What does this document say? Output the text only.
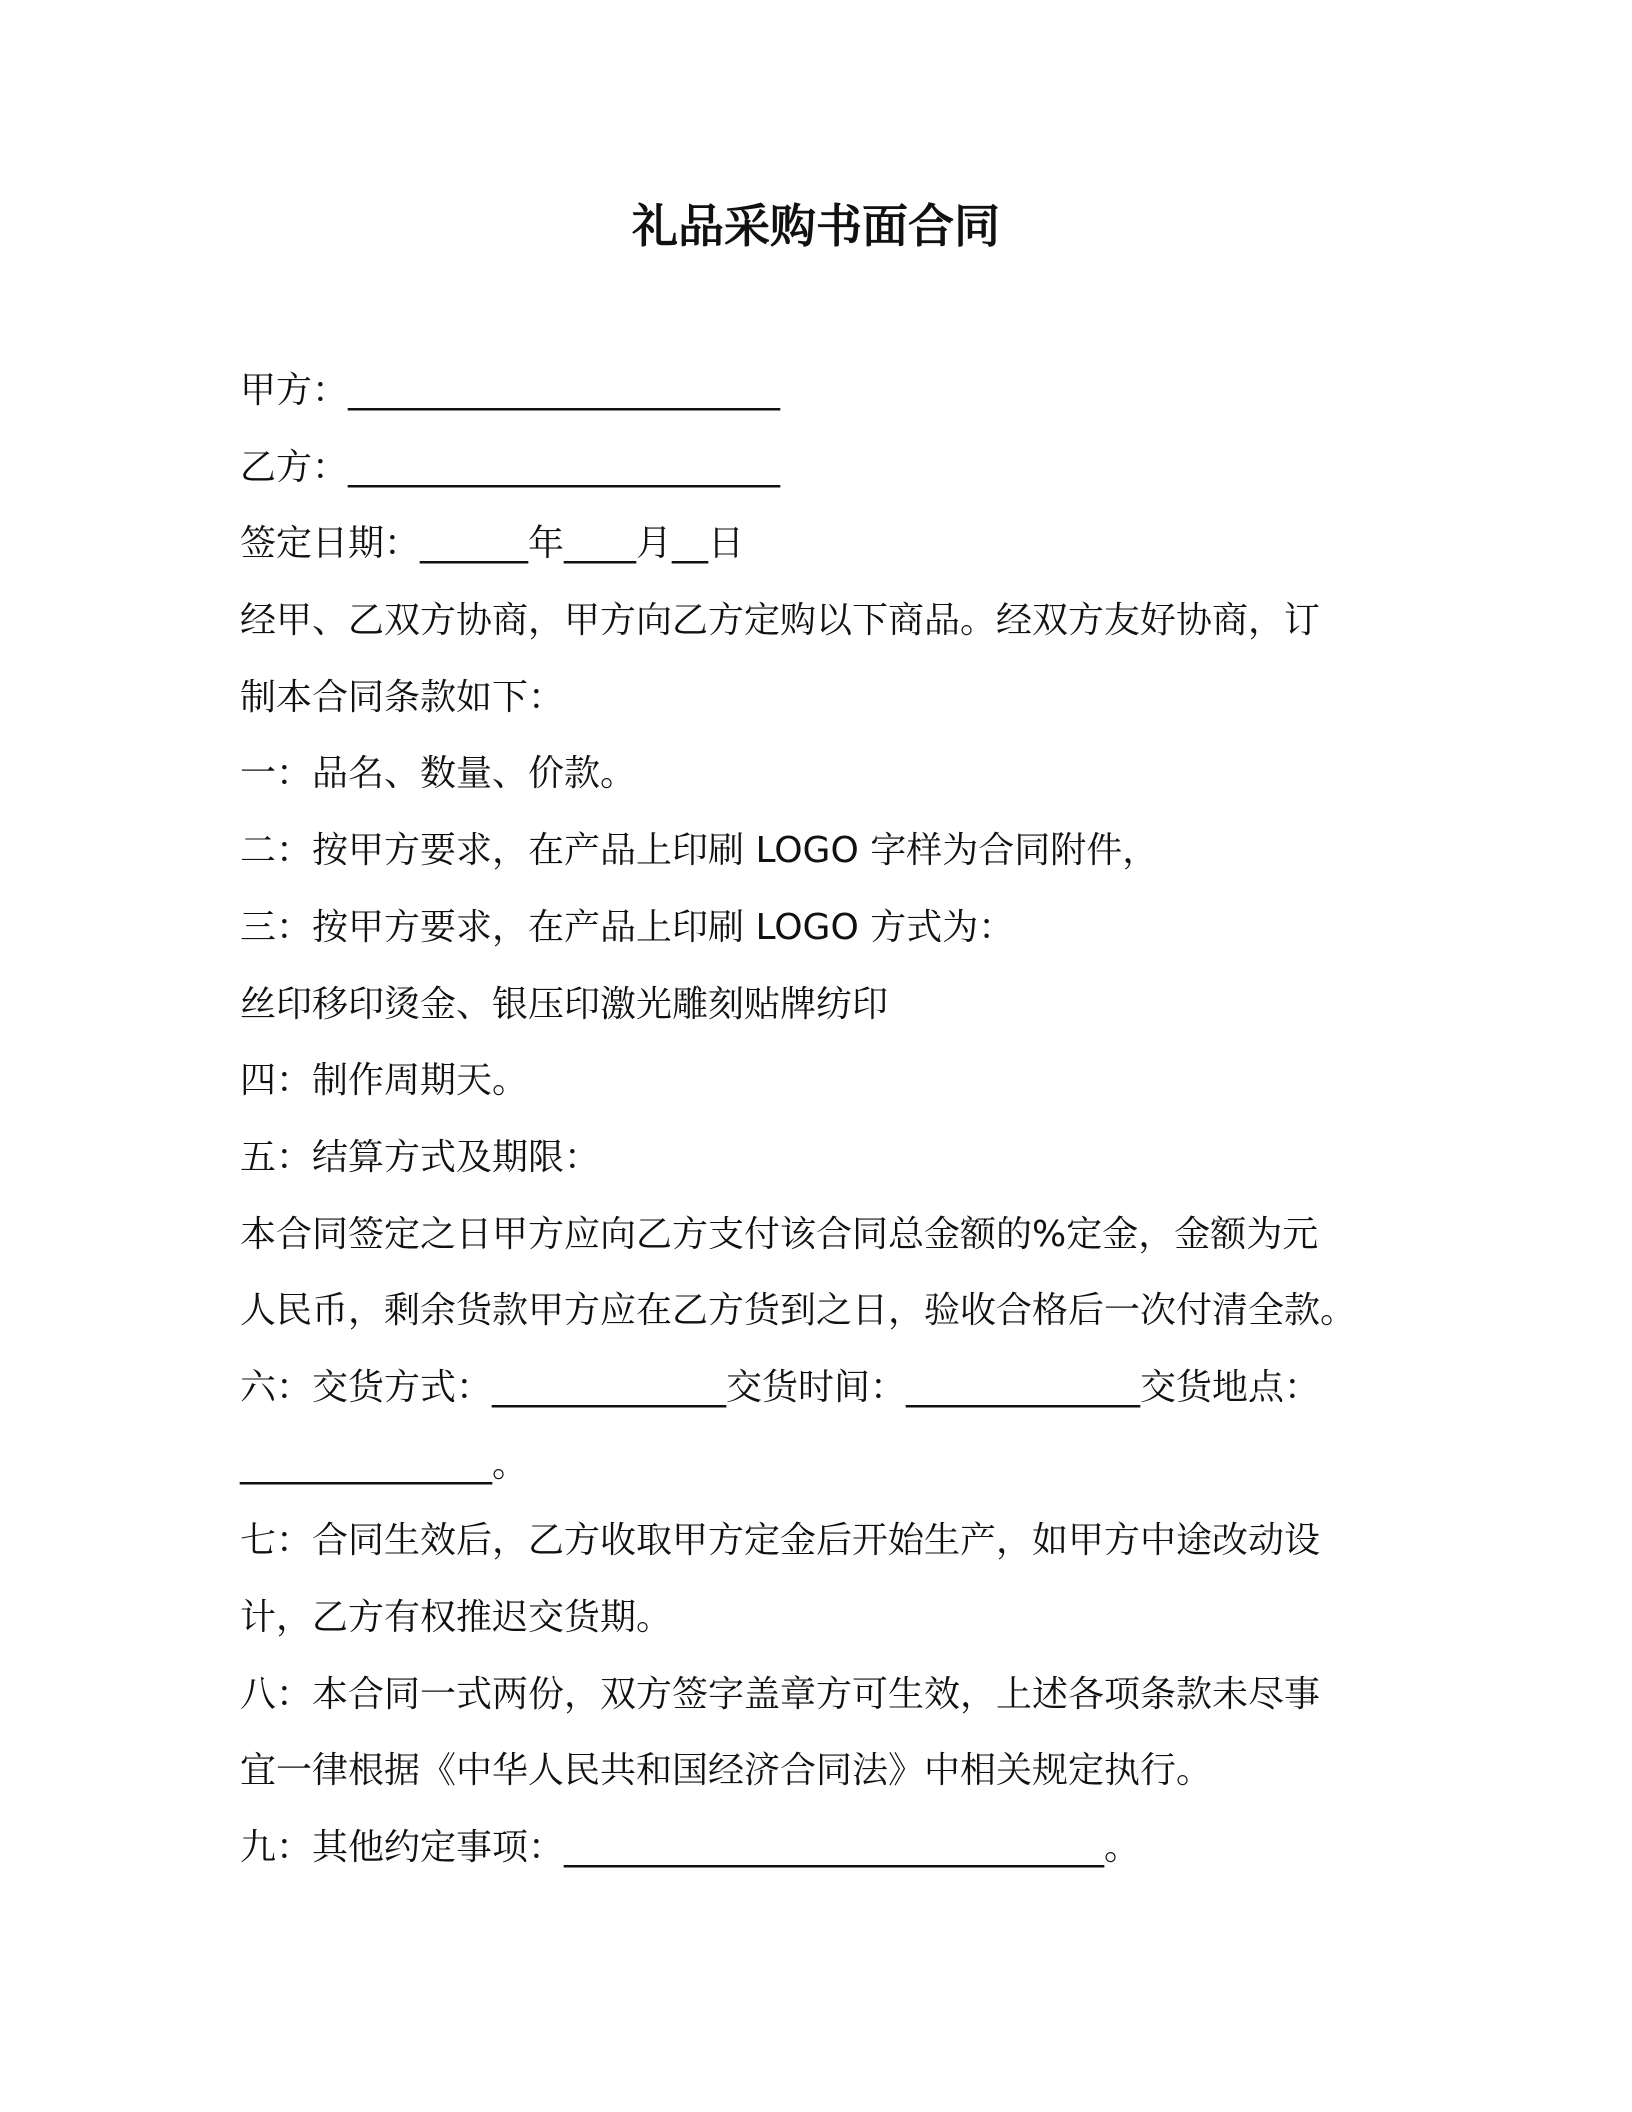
礼品采购书面合同
甲方：________________________
乙方：________________________
签定日期：______年____月__日
经甲、乙双方协商，甲方向乙方定购以下商品。经双方友好协商，订
制本合同条款如下：
一：品名、数量、价款。
二：按甲方要求，在产品上印刷 LOGO 字样为合同附件，
三：按甲方要求，在产品上印刷 LOGO 方式为：
丝印移印烫金、银压印激光雕刻贴牌纺印
四：制作周期天。
五：结算方式及期限：
本合同签定之日甲方应向乙方支付该合同总金额的%定金，金额为元
人民币，剩余货款甲方应在乙方货到之日，验收合格后一次付清全款。
六：交货方式：_____________交货时间：_____________交货地点：
______________。
七：合同生效后，乙方收取甲方定金后开始生产，如甲方中途改动设
计，乙方有权推迟交货期。
八：本合同一式两份，双方签字盖章方可生效，上述各项条款未尽事
宜一律根据《中华人民共和国经济合同法》中相关规定执行。
九：其他约定事项：______________________________。
